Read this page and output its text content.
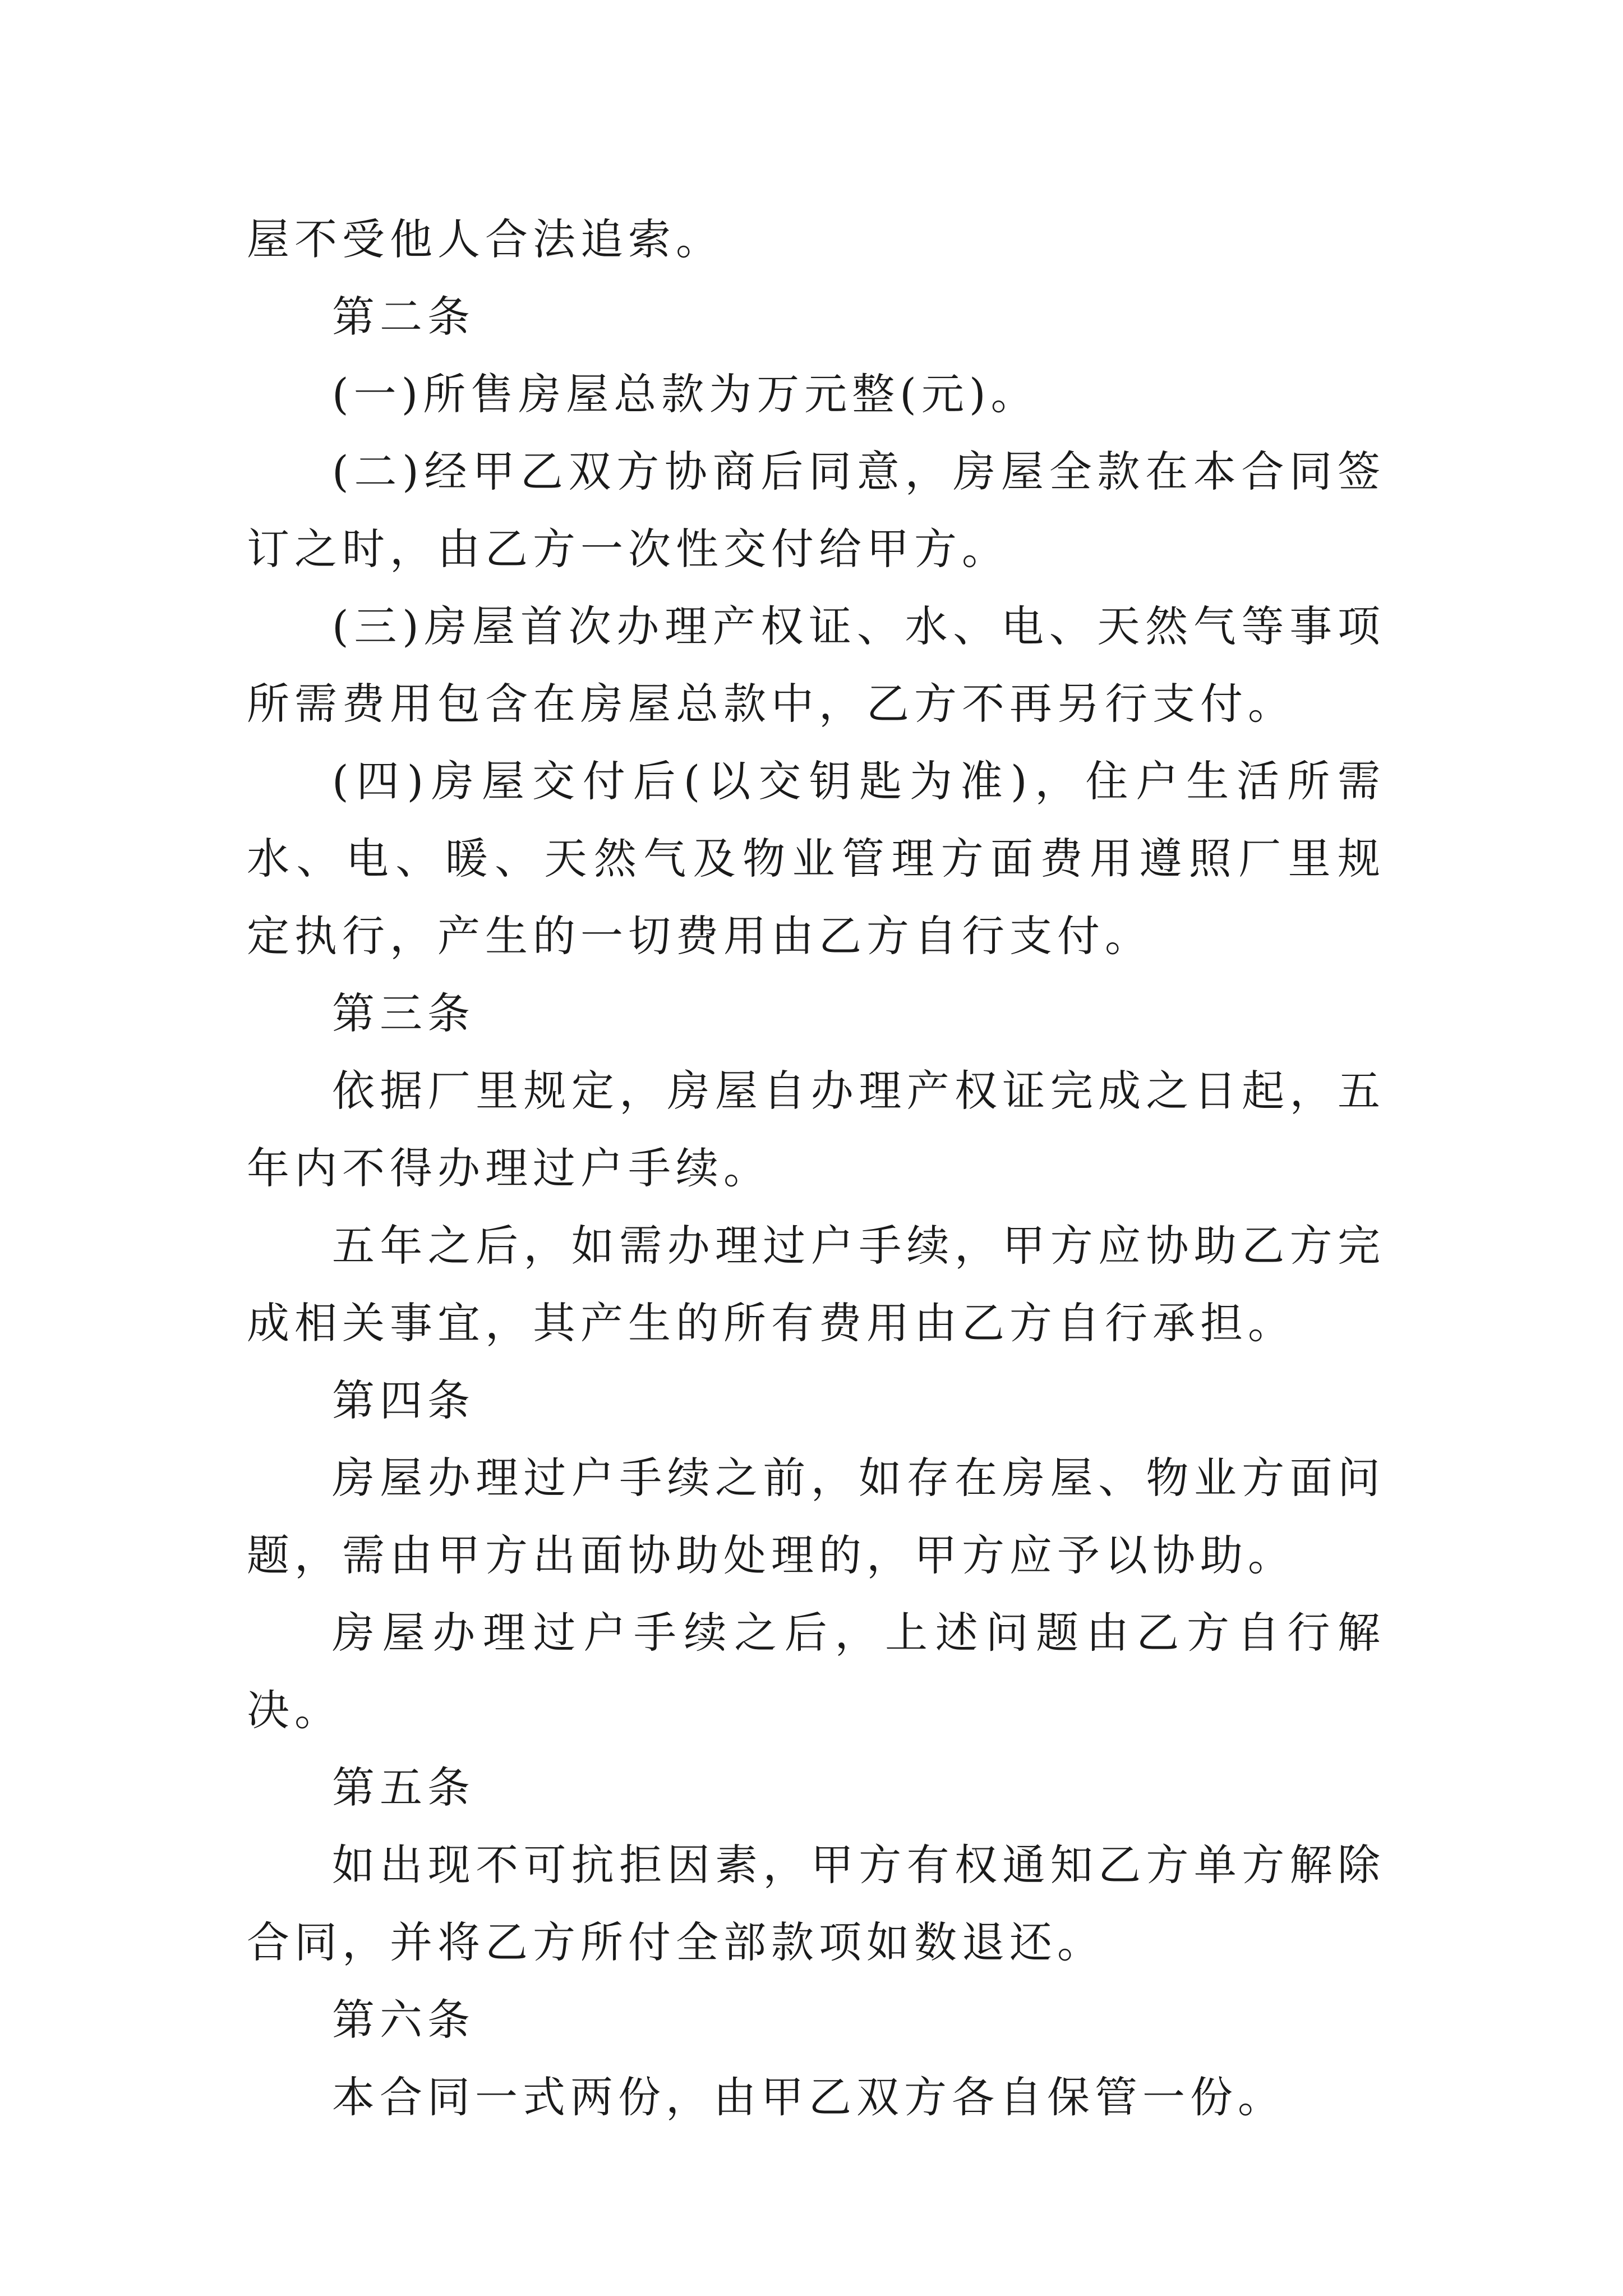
屋不受他人合法追索。

第二条

(一)所售房屋总款为万元整(元)。

(二)经甲乙双方协商后同意，房屋全款在本合同签订之时，由乙方一次性交付给甲方。

(三)房屋首次办理产权证、水、电、天然气等事项所需费用包含在房屋总款中，乙方不再另行支付。

(四)房屋交付后(以交钥匙为准)，住户生活所需水、电、暖、天然气及物业管理方面费用遵照厂里规定执行，产生的一切费用由乙方自行支付。

第三条

依据厂里规定，房屋自办理产权证完成之日起，五年内不得办理过户手续。

五年之后，如需办理过户手续，甲方应协助乙方完成相关事宜，其产生的所有费用由乙方自行承担。

第四条

房屋办理过户手续之前，如存在房屋、物业方面问题，需由甲方出面协助处理的，甲方应予以协助。

房屋办理过户手续之后，上述问题由乙方自行解决。

第五条

如出现不可抗拒因素，甲方有权通知乙方单方解除合同，并将乙方所付全部款项如数退还。

第六条

本合同一式两份，由甲乙双方各自保管一份。
